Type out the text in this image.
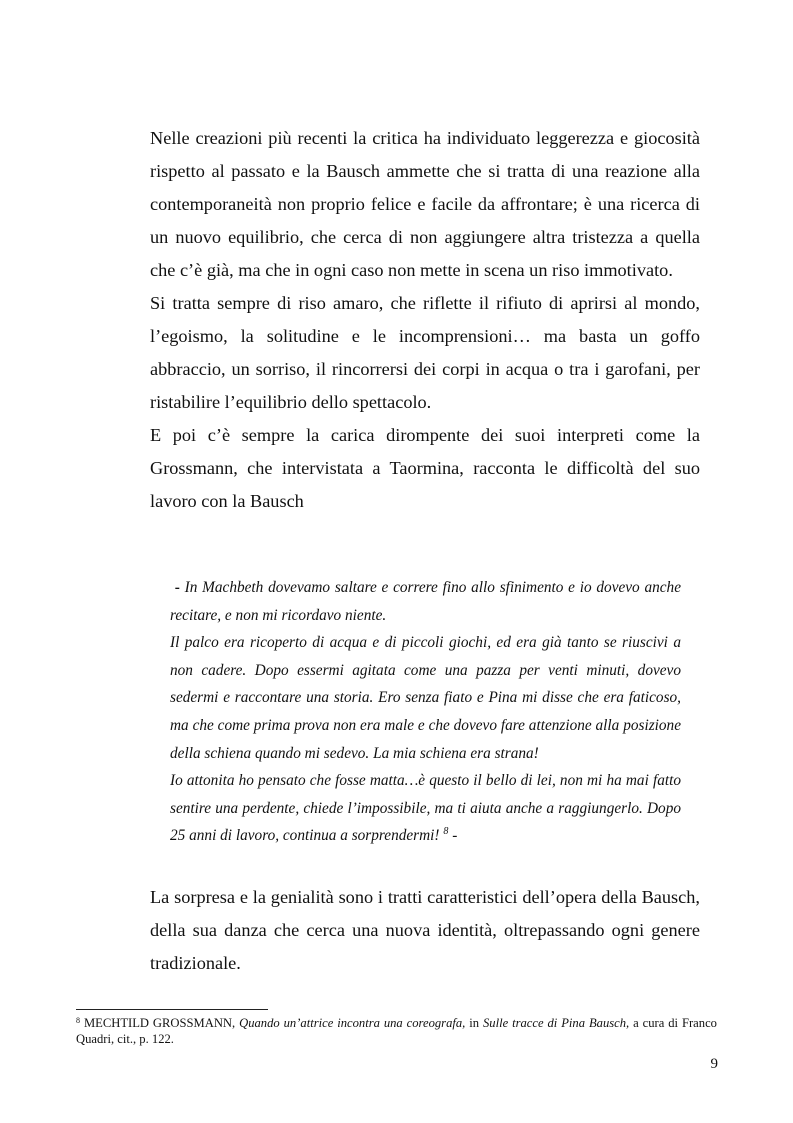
Nelle creazioni più recenti la critica ha individuato leggerezza e giocosità rispetto al passato e la Bausch ammette che si tratta di una reazione alla contemporaneità non proprio felice e facile da affrontare; è una ricerca di un nuovo equilibrio, che cerca di non aggiungere altra tristezza a quella che c’è già, ma che in ogni caso non mette in scena un riso immotivato.

Si tratta sempre di riso amaro, che riflette il rifiuto di aprirsi al mondo, l’egoismo, la solitudine e le incomprensioni… ma basta un goffo abbraccio, un sorriso, il rincorrersi dei corpi in acqua o tra i garofani, per ristabilire l’equilibrio dello spettacolo.

E poi c’è sempre la carica dirompente dei suoi interpreti come la Grossmann, che intervistata a Taormina, racconta le difficoltà del suo lavoro con la Bausch

- In Machbeth dovevamo saltare e correre fino allo sfinimento e io dovevo anche recitare, e non mi ricordavo niente.

Il palco era ricoperto di acqua e di piccoli giochi, ed era già tanto se riuscivi a non cadere. Dopo essermi agitata come una pazza per venti minuti, dovevo sedermi e raccontare una storia. Ero senza fiato e Pina mi disse che era faticoso, ma che come prima prova non era male e che dovevo fare attenzione alla posizione della schiena quando mi sedevo. La mia schiena era strana!

Io attonita ho pensato che fosse matta…è questo il bello di lei, non mi ha mai fatto sentire una perdente, chiede l’impossibile, ma ti aiuta anche a raggiungerlo. Dopo 25 anni di lavoro, continua a sorprendermi! $^8$ -

La sorpresa e la genialità sono i tratti caratteristici dell’opera della Bausch, della sua danza che cerca una nuova identità, oltrepassando ogni genere tradizionale.

$^8$ MECHTILD GROSSMANN, Quando un’attrice incontra una coreografa, in Sulle tracce di Pina Bausch, a cura di Franco Quadri, cit., p. 122.

9
